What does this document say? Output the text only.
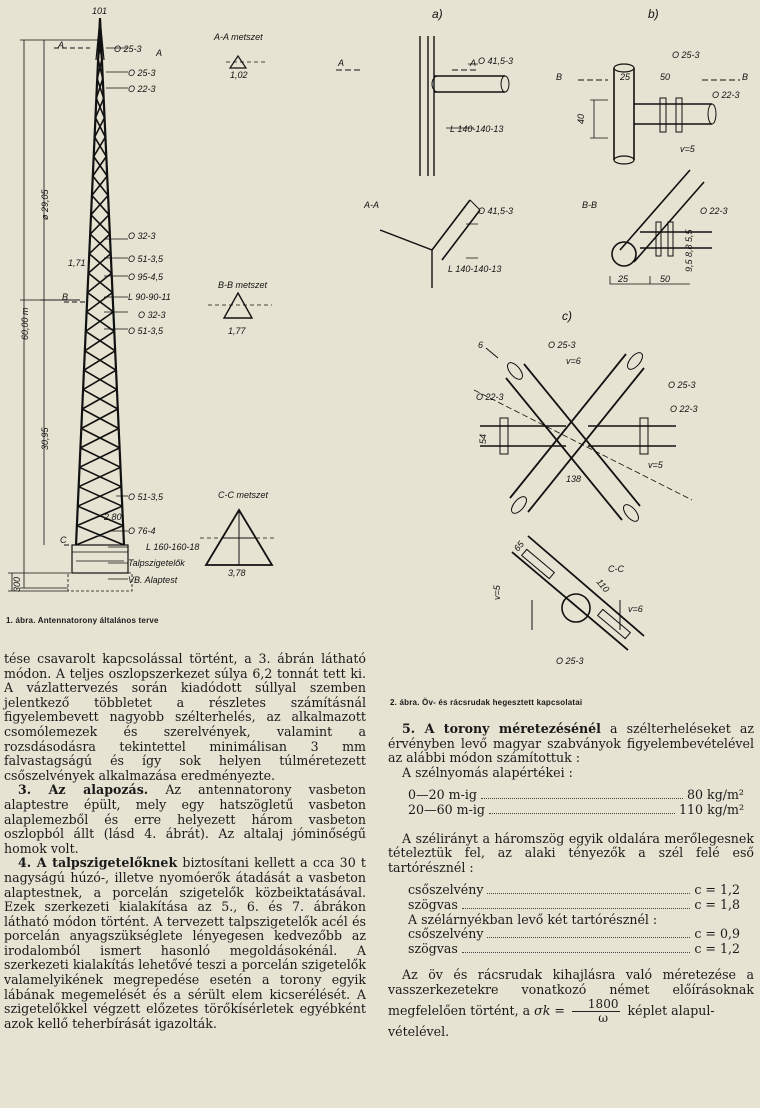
101
A
A-A metszet
1,02
O 25-3 A
O 25-3
O 22-3
ø 29,05
60,00 m
30,95
1,71
O 32-3
O 51-3,5
O 95-4,5
L 90-90-11
O 32-3
O 51-3,5
B
B-B metszet
1,77
O 51-3,5
2,80
O 76-4
L 160-160-18
Talpszigetelők
VB. Alaptest
C
300
C-C metszet
3,78
a)
O 41,5-3
A	A
L 140-140-13
A-A
O 41,5-3
L 140-140-13
b)
O 25-3
25	50
O 22-3
40
v=5
B	B
B-B
O 22-3
25	50
9,5 8,8 5,5
c)
O 25-3
v=6
O 22-3
O 25-3
O 22-3
54
138
v=5
6
C-C
65
110
v=5
v=6
O 25-3
1. ábra. Antennatorony általános terve
2. ábra. Öv- és rácsrudak hegesztett kapcsolatai

tése csavarolt kapcsolással történt, a 3. ábrán látható módon. A teljes oszlopszerkezet súlya 6,2 tonnát tett ki. A vázlattervezés során kiadódott súllyal szemben jelentkező többletet a részletes számításnál figyelembevett nagyobb szélterhelés, az alkalmazott csomólemezek és szerelvények, valamint a rozsdásodásra tekintettel minimálisan 3 mm falvastagságú és így sok helyen túlméretezett csőszelvények alkalmazása eredményezte.

3. Az alapozás. Az antennatorony vasbeton alaptestre épült, mely egy hatszögletű vasbeton alaplemezből és erre helyezett három vasbeton oszlopból állt (lásd 4. ábrát). Az altalaj jóminőségű homok volt.

4. A talpszigetelőknek biztosítani kellett a cca 30 t nagyságú húzó-, illetve nyomóerők átadását a vasbeton alaptestnek, a porcelán szigetelők közbeiktatásával. Ezek szerkezeti kialakítása az 5., 6. és 7. ábrákon látható módon történt. A tervezett talpszigetelők acél és porcelán anyagszükséglete lényegesen kedvezőbb az irodalomból ismert hasonló megoldásokénál. A szerkezeti kialakítás lehetővé teszi a porcelán szigetelők valamelyikének megrepedése esetén a torony egyik lábának megemelését és a sérült elem kicserélését. A szigetelőkkel végzett előzetes törőkísérletek egyébként azok kellő teherbírását igazolták.

5. A torony méretezésénél a szélterheléseket az érvényben levő magyar szabványok figyelembevételével az alábbi módon számítottuk :

A szélnyomás alapértékei :

0—20 m-ig	80 kg/m²
20—60 m-ig	110 kg/m²

A szélirányt a háromszög egyik oldalára merőlegesnek tételeztük fel, az alaki tényezők a szél felé eső tartórésznél :

csőszelvény	c = 1,2
szögvas	c = 1,8

A szélárnyékban levő két tartórésznél :

csőszelvény	c = 0,9
szögvas	c = 1,2

Az öv és rácsrudak kihajlásra való méretezése a vasszerkezetekre vonatkozó német előírásoknak megfelelően történt, a $\sigma k = \frac{1800}{\omega}$ képlet alapul-

vételével.
